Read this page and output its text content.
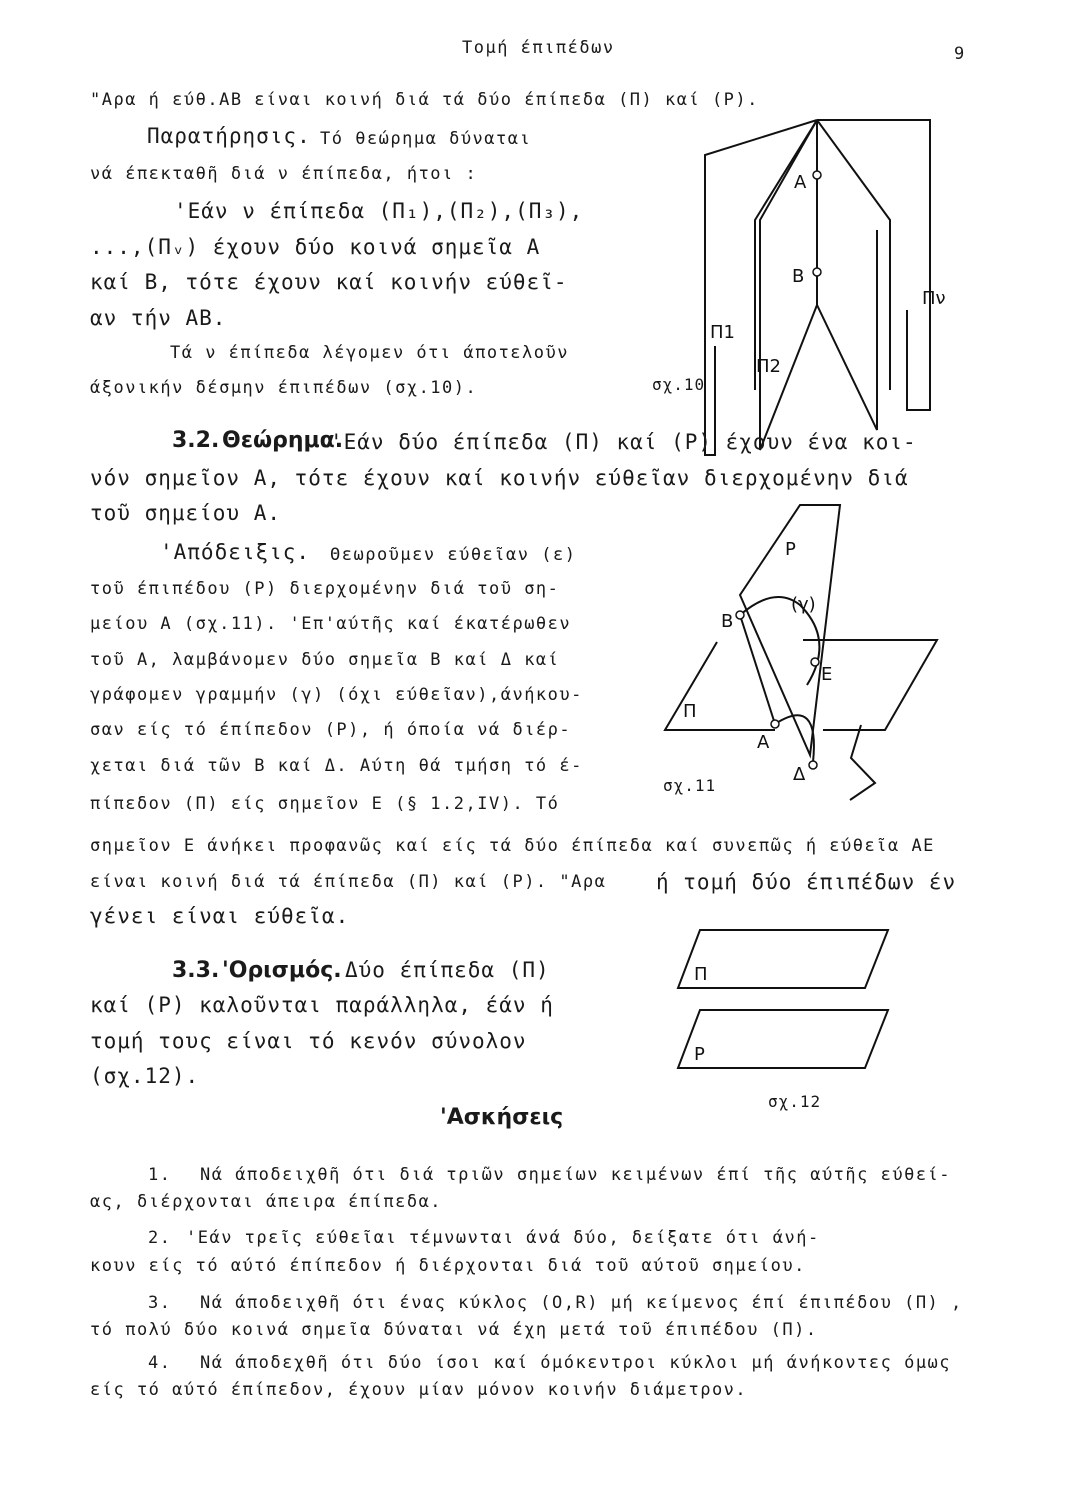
Τομή έπιπέδων	9
"Αρα ή εύθ.ΑΒ είναι κοινή διά τά δύο έπίπεδα (Π) καί (Ρ).
Παρατήρησις. Τό θεώρημα δύναται
νά έπεκταθῆ διά ν έπίπεδα, ήτοι :
'Εάν ν έπίπεδα (Π₁),(Π₂),(Π₃),
...,(Πᵥ) έχουν δύο κοινά σημεῖα Α
καί Β, τότε έχουν καί κοινήν εύθεῖ-
αν τήν ΑΒ.
Τά ν έπίπεδα λέγομεν ότι άποτελοῦν
άξονικήν δέσμην έπιπέδων (σχ.10).
A
B
Π1
Π2
Πν
σχ.10
3.2. Θεώρημα.
'Εάν δύο έπίπεδα (Π) καί (Ρ) έχουν ένα κοι-
νόν σημεῖον Α, τότε έχουν καί κοινήν εύθεῖαν διερχομένην διά
τοῦ σημείου Α.
'Απόδειξις. Θεωροῦμεν εύθεῖαν (ε)
τοῦ έπιπέδου (Ρ) διερχομένην διά τοῦ ση-
μείου Α (σχ.11). 'Επ'αύτῆς καί έκατέρωθεν
τοῦ Α, λαμβάνομεν δύο σημεῖα Β καί Δ καί
γράφομεν γραμμήν (γ) (όχι εύθεῖαν),άνήκου-
σαν είς τό έπίπεδον (Ρ), ή όποία νά διέρ-
χεται διά τῶν Β καί Δ. Αύτη θά τμήση τό έ-
πίπεδον (Π) είς σημεῖον Ε (§ 1.2,IV). Τό
σημεῖον Ε άνήκει προφανῶς καί είς τά δύο έπίπεδα καί συνεπῶς ή εύθεῖα ΑΕ
είναι κοινή διά τά έπίπεδα (Π) καί (Ρ). "Αρα ή τομή δύο έπιπέδων έν
γένει είναι εύθεῖα.
P
(γ)
B
E
Π
A
Δ
σχ.11
3.3. 'Ορισμός. Δύο έπίπεδα (Π)
καί (Ρ) καλοῦνται παράλληλα, έάν ή
τομή τους είναι τό κενόν σύνολον
(σχ.12).
Π
P
σχ.12
'Ασκήσεις
1. Νά άποδειχθῆ ότι διά τριῶν σημείων κειμένων έπί τῆς αύτῆς εύθεί-
ας, διέρχονται άπειρα έπίπεδα.
2. 'Εάν τρεῖς εύθεῖαι τέμνωνται άνά δύο, δείξατε ότι άνή-
κουν είς τό αύτό έπίπεδον ή διέρχονται διά τοῦ αύτοῦ σημείου.
3. Νά άποδειχθῆ ότι ένας κύκλος (Ο,R) μή κείμενος έπί έπιπέδου (Π) ,
τό πολύ δύο κοινά σημεῖα δύναται νά έχη μετά τοῦ έπιπέδου (Π).
4. Νά άποδεχθῆ ότι δύο ίσοι καί όμόκεντροι κύκλοι μή άνήκοντες όμως
είς τό αύτό έπίπεδον, έχουν μίαν μόνον κοινήν διάμετρον.
